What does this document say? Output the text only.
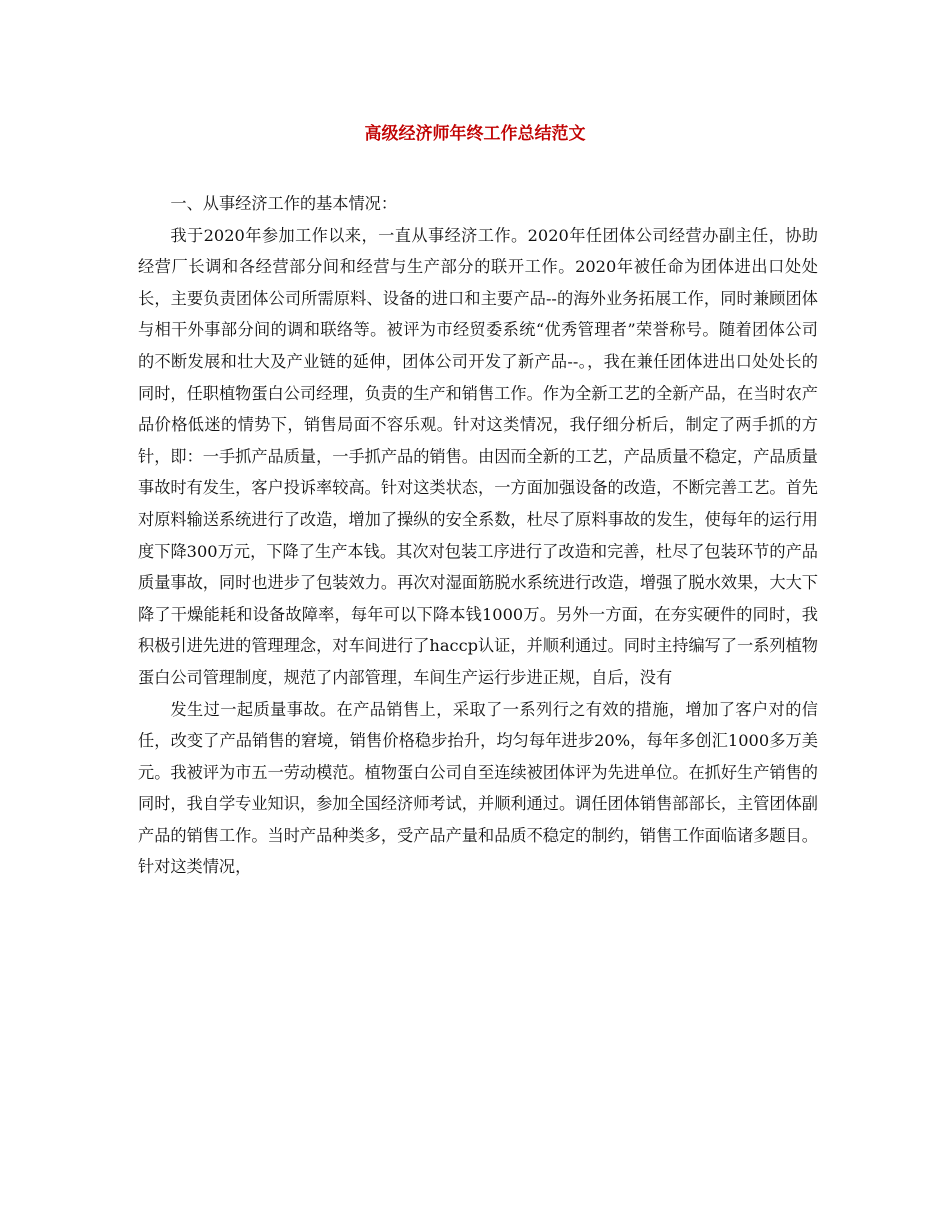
高级经济师年终工作总结范文

一、从事经济工作的基本情况：

我于2020年参加工作以来，一直从事经济工作。2020年任团体公司经营办副主任，协助经营厂长调和各经营部分间和经营与生产部分的联开工作。2020年被任命为团体进出口处处长，主要负责团体公司所需原料、设备的进口和主要产品--的海外业务拓展工作，同时兼顾团体与相干外事部分间的调和联络等。被评为市经贸委系统“优秀管理者”荣誉称号。随着团体公司的不断发展和壮大及产业链的延伸，团体公司开发了新产品--。，我在兼任团体进出口处处长的同时，任职植物蛋白公司经理，负责的生产和销售工作。作为全新工艺的全新产品，在当时农产品价格低迷的情势下，销售局面不容乐观。针对这类情况，我仔细分析后，制定了两手抓的方针，即：一手抓产品质量，一手抓产品的销售。由因而全新的工艺，产品质量不稳定，产品质量事故时有发生，客户投诉率较高。针对这类状态，一方面加强设备的改造，不断完善工艺。首先对原料输送系统进行了改造，增加了操纵的安全系数，杜尽了原料事故的发生，使每年的运行用度下降300万元，下降了生产本钱。其次对包装工序进行了改造和完善，杜尽了包装环节的产品质量事故，同时也进步了包装效力。再次对湿面筋脱水系统进行改造，增强了脱水效果，大大下降了干燥能耗和设备故障率，每年可以下降本钱1000万。另外一方面，在夯实硬件的同时，我积极引进先进的管理理念，对车间进行了haccp认证，并顺利通过。同时主持编写了一系列植物蛋白公司管理制度，规范了内部管理，车间生产运行步进正规，自后，没有

发生过一起质量事故。在产品销售上，采取了一系列行之有效的措施，增加了客户对的信任，改变了产品销售的窘境，销售价格稳步抬升，均匀每年进步20%，每年多创汇1000多万美元。我被评为市五一劳动模范。植物蛋白公司自至连续被团体评为先进单位。在抓好生产销售的同时，我自学专业知识，参加全国经济师考试，并顺利通过。调任团体销售部部长，主管团体副产品的销售工作。当时产品种类多，受产品产量和品质不稳定的制约，销售工作面临诸多题目。针对这类情况，
